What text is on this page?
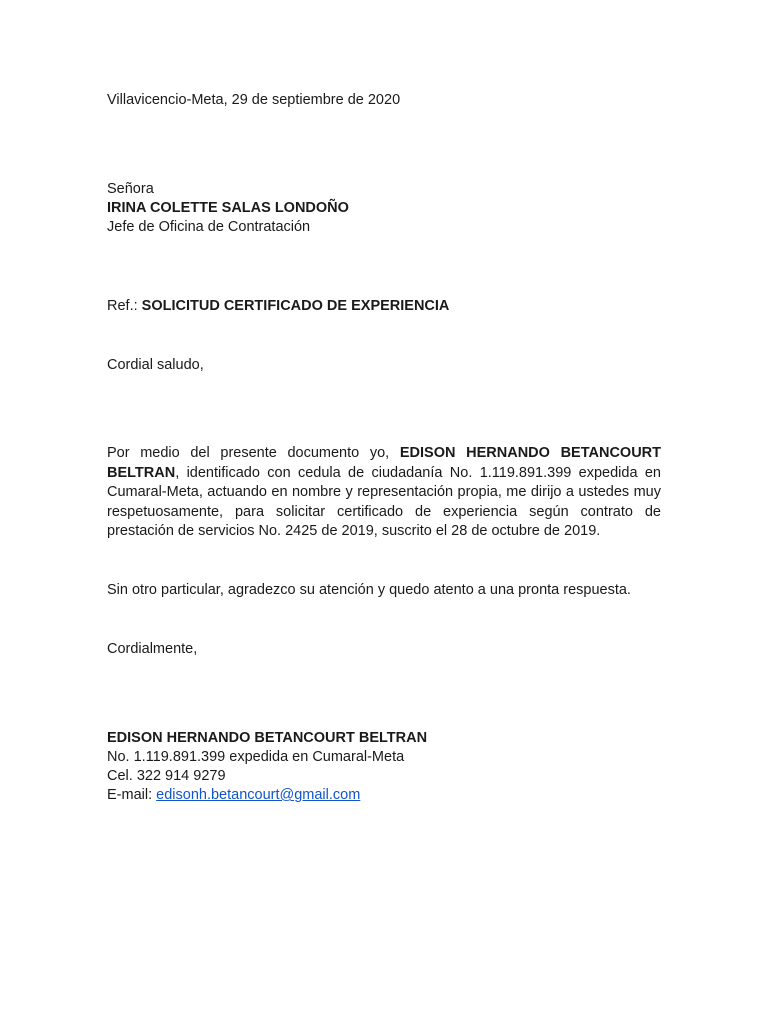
Villavicencio-Meta, 29 de septiembre de 2020
Señora
IRINA COLETTE SALAS LONDOÑO
Jefe de Oficina de Contratación
Ref.: SOLICITUD CERTIFICADO DE EXPERIENCIA
Cordial saludo,
Por medio del presente documento yo, EDISON HERNANDO BETANCOURT BELTRAN, identificado con cedula de ciudadanía No. 1.119.891.399 expedida en Cumaral-Meta, actuando en nombre y representación propia, me dirijo a ustedes muy respetuosamente, para solicitar certificado de experiencia según contrato de prestación de servicios No. 2425 de 2019, suscrito el 28 de octubre de 2019.
Sin otro particular, agradezco su atención y quedo atento a una pronta respuesta.
Cordialmente,
EDISON HERNANDO BETANCOURT BELTRAN
No. 1.119.891.399 expedida en Cumaral-Meta
Cel. 322 914 9279
E-mail: edisonh.betancourt@gmail.com
